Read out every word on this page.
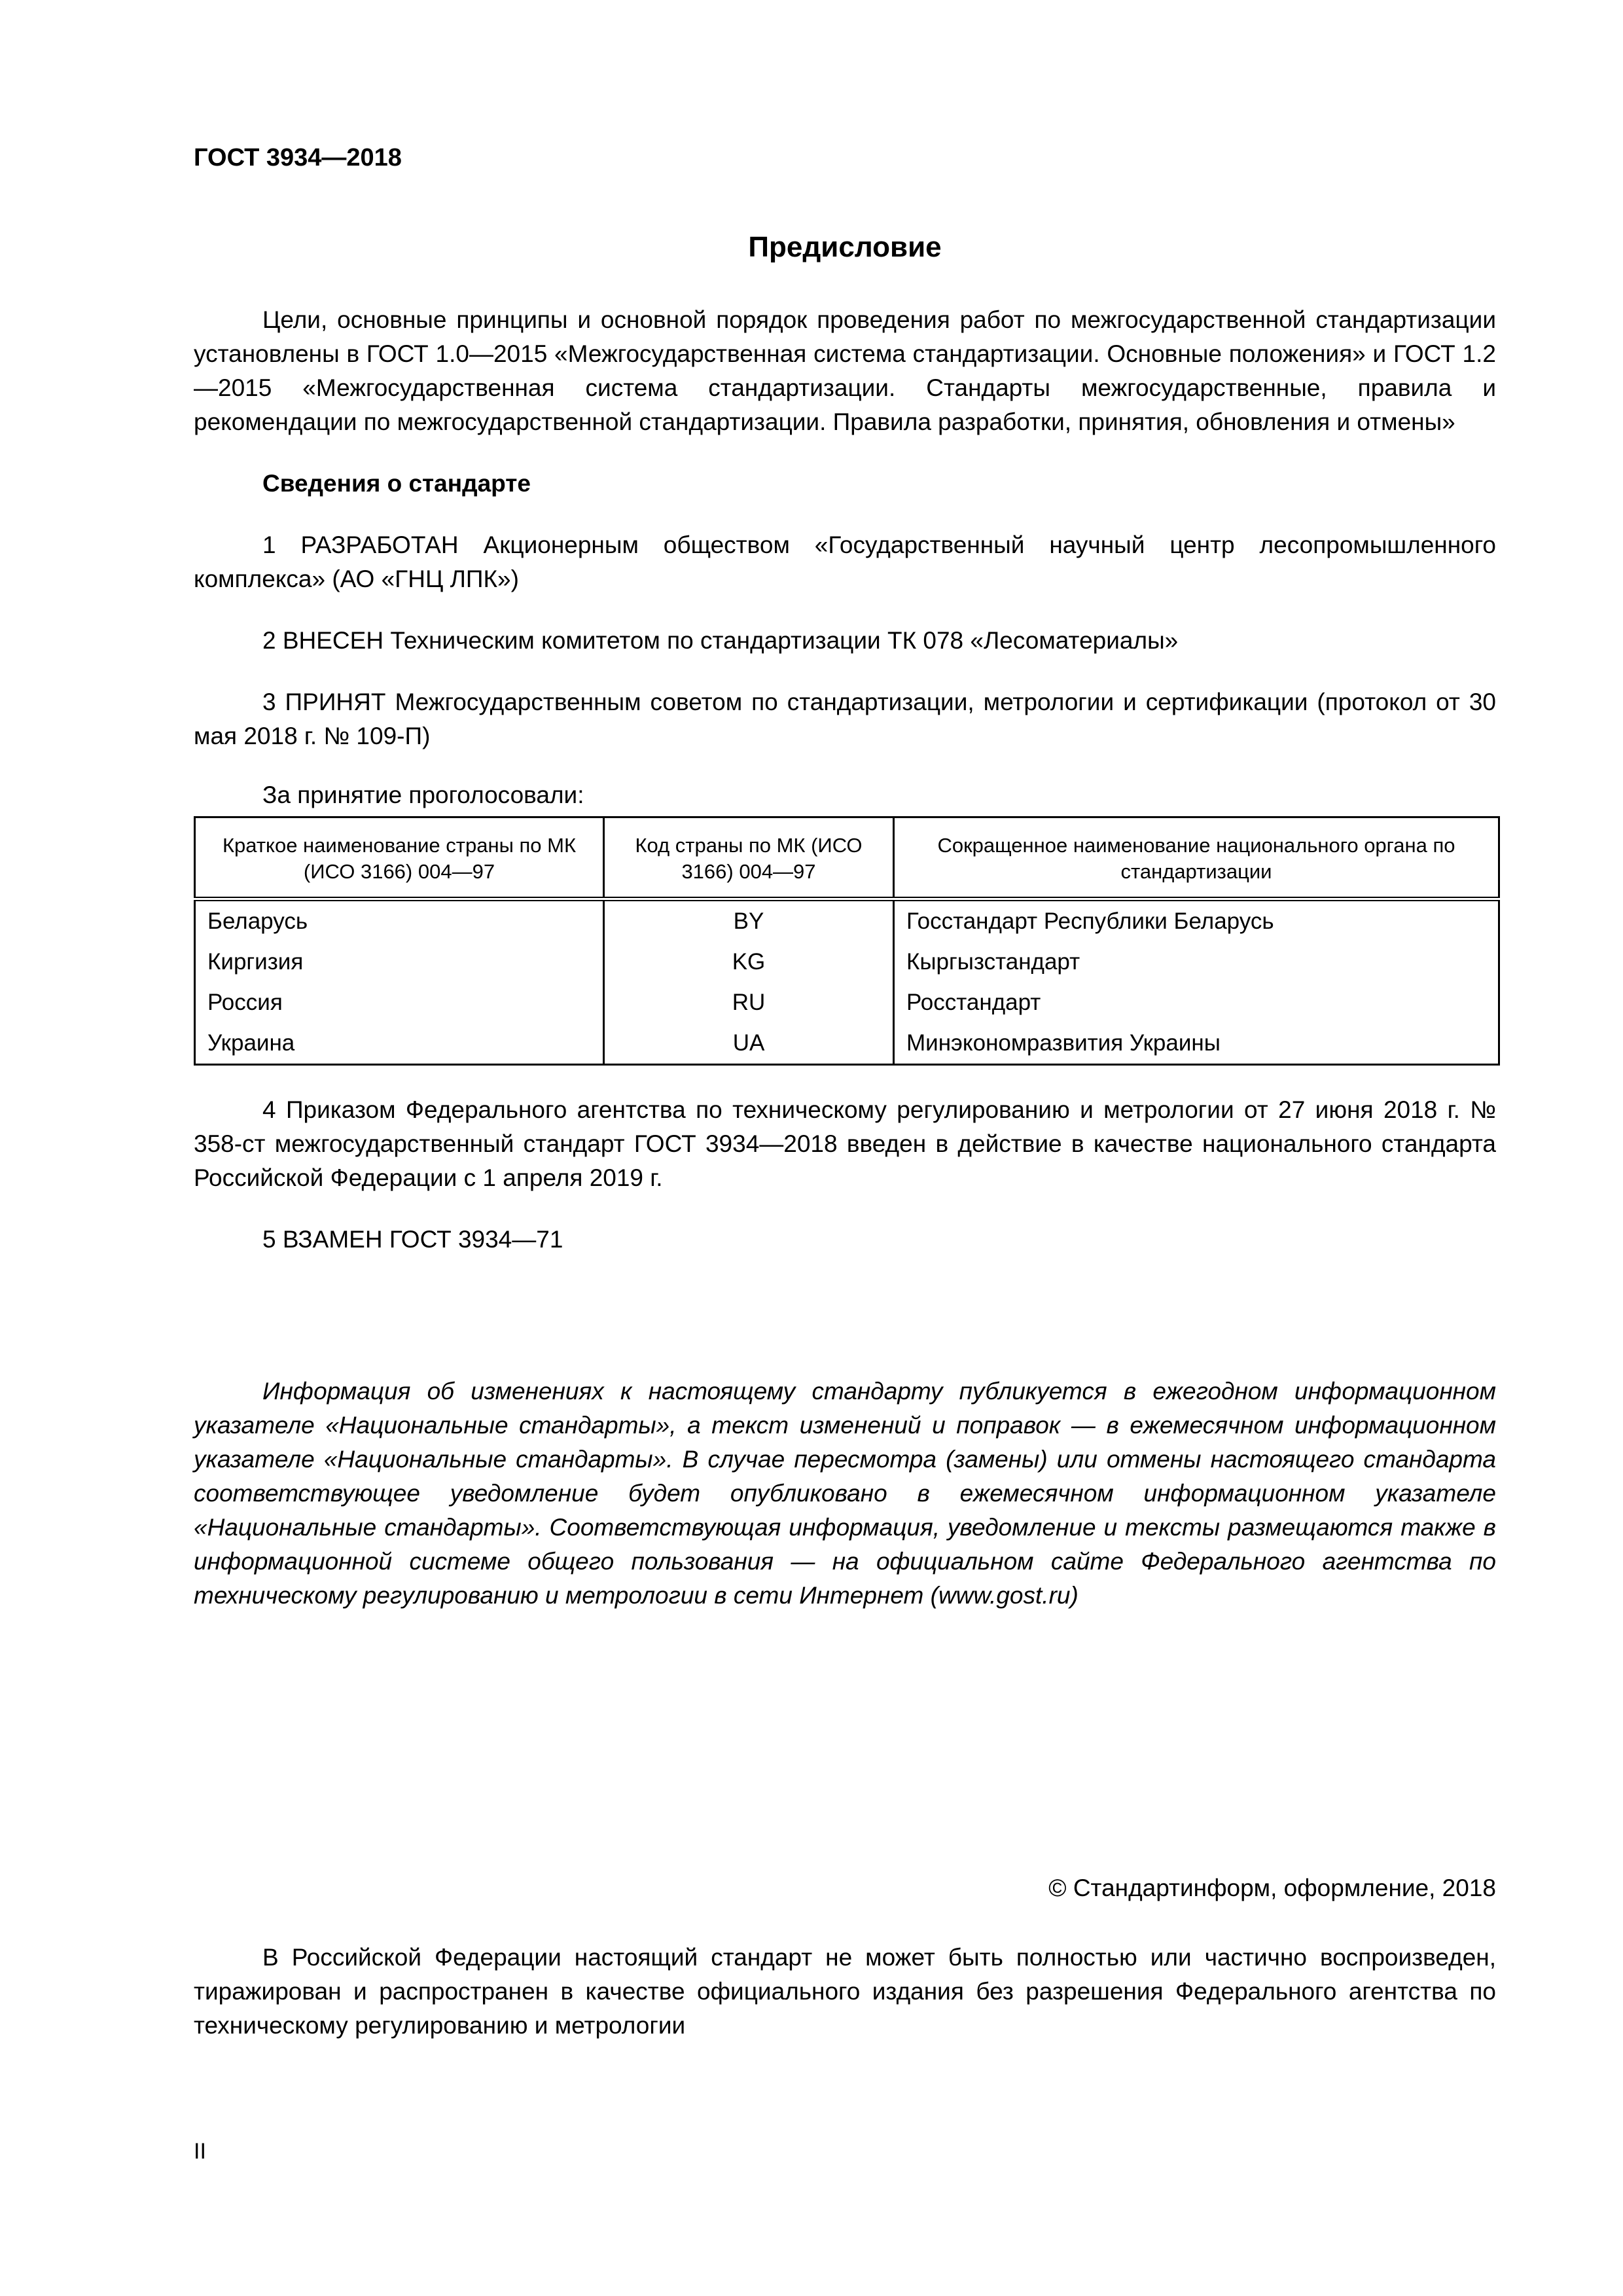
ГОСТ 3934—2018
Предисловие

Цели, основные принципы и основной порядок проведения работ по межгосударственной стандартизации установлены в ГОСТ 1.0—2015 «Межгосударственная система стандартизации. Основные положения» и ГОСТ 1.2—2015 «Межгосударственная система стандартизации. Стандарты межгосударственные, правила и рекомендации по межгосударственной стандартизации. Правила разработки, принятия, обновления и отмены»

Сведения о стандарте

1 РАЗРАБОТАН Акционерным обществом «Государственный научный центр лесопромышленного комплекса» (АО «ГНЦ ЛПК»)

2 ВНЕСЕН Техническим комитетом по стандартизации ТК 078 «Лесоматериалы»

3 ПРИНЯТ Межгосударственным советом по стандартизации, метрологии и сертификации (протокол от 30 мая 2018 г. № 109-П)

За принятие проголосовали:

Краткое наименование страны по МК (ИСО 3166) 004—97	Код страны по МК (ИСО 3166) 004—97	Сокращенное наименование национального органа по стандартизации
Беларусь	BY	Госстандарт Республики Беларусь
Киргизия	KG	Кыргызстандарт
Россия	RU	Росстандарт
Украина	UA	Минэкономразвития Украины

4 Приказом Федерального агентства по техническому регулированию и метрологии от 27 июня 2018 г. № 358-ст межгосударственный стандарт ГОСТ 3934—2018 введен в действие в качестве национального стандарта Российской Федерации с 1 апреля 2019 г.

5 ВЗАМЕН ГОСТ 3934—71

Информация об изменениях к настоящему стандарту публикуется в ежегодном информационном указателе «Национальные стандарты», а текст изменений и поправок — в ежемесячном информационном указателе «Национальные стандарты». В случае пересмотра (замены) или отмены настоящего стандарта соответствующее уведомление будет опубликовано в ежемесячном информационном указателе «Национальные стандарты». Соответствующая информация, уведомление и тексты размещаются также в информационной системе общего пользования — на официальном сайте Федерального агентства по техническому регулированию и метрологии в сети Интернет (www.gost.ru)

© Стандартинформ, оформление, 2018

В Российской Федерации настоящий стандарт не может быть полностью или частично воспроизведен, тиражирован и распространен в качестве официального издания без разрешения Федерального агентства по техническому регулированию и метрологии

II
